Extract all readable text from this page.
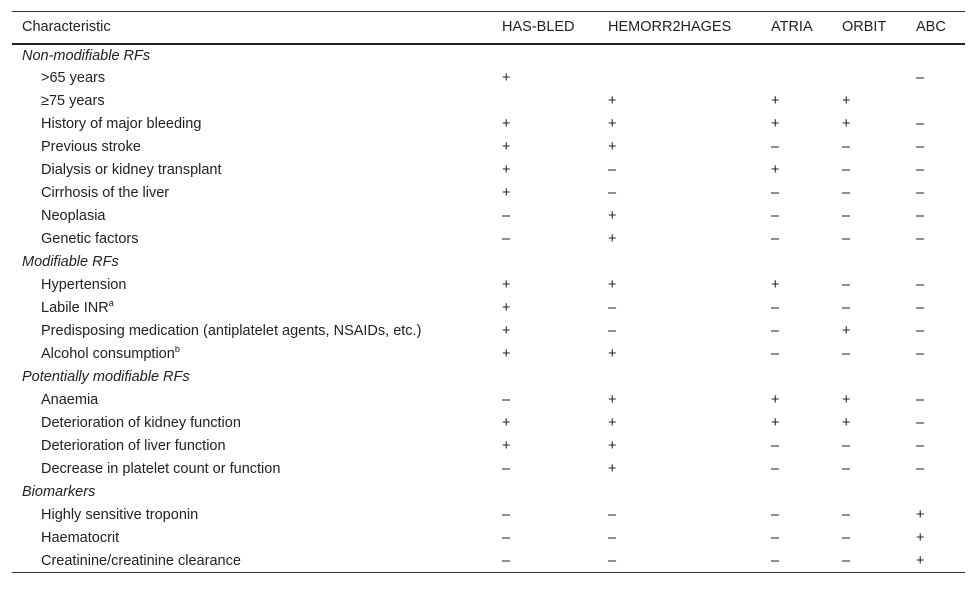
Characteristic	HAS-BLED	HEMORR2HAGES	ATRIA	ORBIT	ABC
Non-modifiable RFs					
>65 years	+				–
≥75 years		+	+	+	
History of major bleeding	+	+	+	+	–
Previous stroke	+	+	–	–	–
Dialysis or kidney transplant	+	–	+	–	–
Cirrhosis of the liver	+	–	–	–	–
Neoplasia	–	+	–	–	–
Genetic factors	–	+	–	–	–
Modifiable RFs					
Hypertension	+	+	+	–	–
Labile $INR^a$	+	–	–	–	–
Predisposing medication (antiplatelet agents, NSAIDs, etc.)	+	–	–	+	–
Alcohol consumption$^b$	+	+	–	–	–
Potentially modifiable RFs					
Anaemia	–	+	+	+	–
Deterioration of kidney function	+	+	+	+	–
Deterioration of liver function	+	+	–	–	–
Decrease in platelet count or function	–	+	–	–	–
Biomarkers					
Highly sensitive troponin	–	–	–	–	+
Haematocrit	–	–	–	–	+
Creatinine/creatinine clearance	–	–	–	–	+
